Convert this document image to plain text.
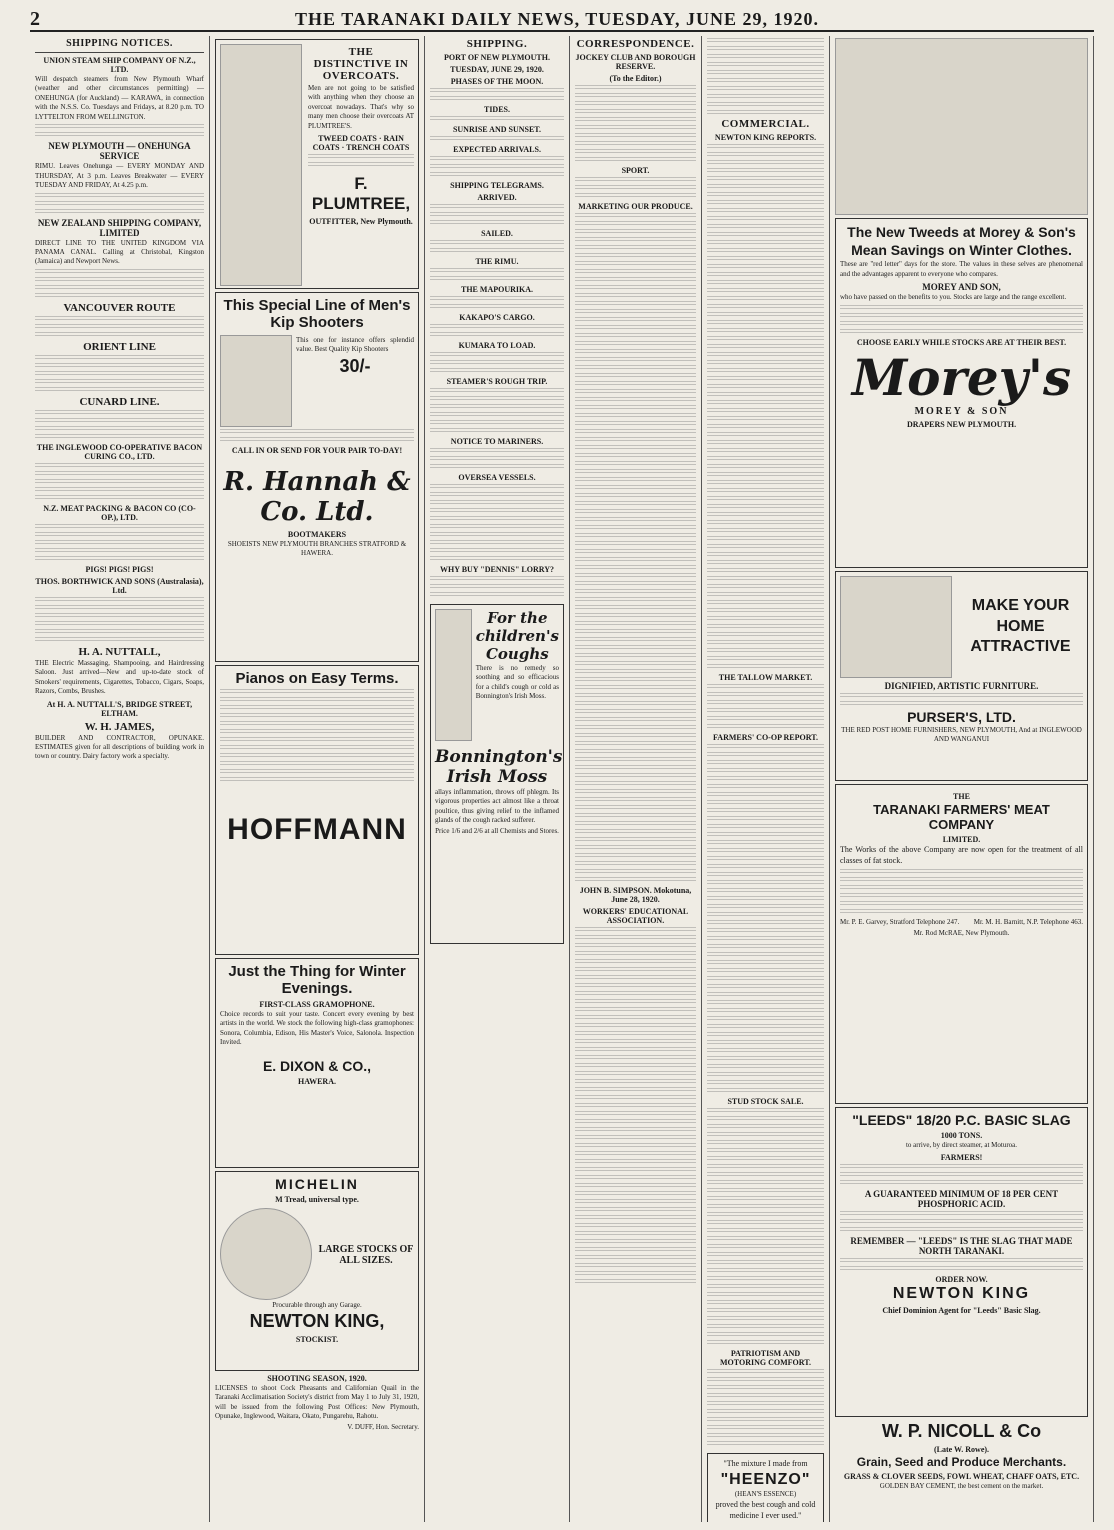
2	THE TARANAKI DAILY NEWS, TUESDAY, JUNE 29, 1920.
SHIPPING NOTICES.
UNION STEAM SHIP COMPANY OF N.Z., LTD.
Will despatch steamers from New Plymouth Wharf (weather and other circumstances permitting) — ONEHUNGA (for Auckland) — KARAWA, in connection with the N.S.S. Co. Tuesdays and Fridays, at 8.20 p.m. TO LYTTELTON FROM WELLINGTON.
NEW PLYMOUTH — ONEHUNGA SERVICE
RIMU. Leaves Onehunga — EVERY MONDAY AND THURSDAY, At 3 p.m. Leaves Breakwater — EVERY TUESDAY AND FRIDAY, At 4.25 p.m.
NEW ZEALAND SHIPPING COMPANY, LIMITED
DIRECT LINE TO THE UNITED KINGDOM VIA PANAMA CANAL. Calling at Christobal, Kingston (Jamaica) and Newport News.
VANCOUVER ROUTE
ORIENT LINE
CUNARD LINE.
THE INGLEWOOD CO-OPERATIVE BACON CURING CO., LTD.
N.Z. MEAT PACKING & BACON CO (CO-OP.), LTD.
PIGS! PIGS! PIGS!
THOS. BORTHWICK AND SONS (Australasia), Ltd.
H. A. NUTTALL,
THE Electric Massaging, Shampooing, and Hairdressing Saloon. Just arrived—New and up-to-date stock of Smokers' requirements, Cigarettes, Tobacco, Cigars, Soaps, Razors, Combs, Brushes.
At H. A. NUTTALL'S, BRIDGE STREET, ELTHAM.
W. H. JAMES,
BUILDER AND CONTRACTOR, OPUNAKE. ESTIMATES given for all descriptions of building work in town or country. Dairy factory work a specialty.
THE DISTINCTIVE IN OVERCOATS.
Men are not going to be satisfied with anything when they choose an overcoat nowadays. That's why so many men choose their overcoats AT PLUMTREE'S.
TWEED COATS · RAIN COATS · TRENCH COATS
F. PLUMTREE,
OUTFITTER, New Plymouth.
This Special Line of Men's Kip Shooters
This one for instance offers splendid value. Best Quality Kip Shooters
30/-
CALL IN OR SEND FOR YOUR PAIR TO-DAY!
R. Hannah & Co. Ltd.
BOOTMAKERS
SHOEISTS NEW PLYMOUTH BRANCHES STRATFORD & HAWERA.
Pianos on Easy Terms.
HOFFMANN
Just the Thing for Winter Evenings.
FIRST-CLASS GRAMOPHONE.
Choice records to suit your taste. Concert every evening by best artists in the world. We stock the following high-class gramophones: Sonora, Columbia, Edison, His Master's Voice, Salonola. Inspection Invited.
E. DIXON & CO.,
HAWERA.
MICHELIN
M Tread, universal type.
LARGE STOCKS OF ALL SIZES.
Procurable through any Garage.
NEWTON KING,
STOCKIST.
SHOOTING SEASON, 1920.
LICENSES to shoot Cock Pheasants and Californian Quail in the Taranaki Acclimatisation Society's district from May 1 to July 31, 1920, will be issued from the following Post Offices: New Plymouth, Opunake, Inglewood, Waitara, Okato, Pungarehu, Rahotu.
V. DUFF, Hon. Secretary.
SHIPPING.
PORT OF NEW PLYMOUTH.
TUESDAY, JUNE 29, 1920.
PHASES OF THE MOON.
TIDES.
SUNRISE AND SUNSET.
EXPECTED ARRIVALS.
SHIPPING TELEGRAMS.
ARRIVED.
SAILED.
THE RIMU.
THE MAPOURIKA.
KAKAPO'S CARGO.
KUMARA TO LOAD.
STEAMER'S ROUGH TRIP.
NOTICE TO MARINERS.
OVERSEA VESSELS.
WHY BUY "DENNIS" LORRY?
For the children's Coughs
There is no remedy so soothing and so efficacious for a child's cough or cold as Bonnington's Irish Moss.
Bonnington's Irish Moss
allays inflammation, throws off phlegm. Its vigorous properties act almost like a throat poultice, thus giving relief to the inflamed glands of the cough racked sufferer.
Price 1/6 and 2/6 at all Chemists and Stores.
CORRESPONDENCE.
JOCKEY CLUB AND BOROUGH RESERVE.
(To the Editor.)
SPORT.
MARKETING OUR PRODUCE.
JOHN B. SIMPSON. Mokotuna, June 28, 1920.
WORKERS' EDUCATIONAL ASSOCIATION.
COMMERCIAL.
NEWTON KING REPORTS.
THE TALLOW MARKET.
FARMERS' CO-OP REPORT.
STUD STOCK SALE.
PATRIOTISM AND MOTORING COMFORT.
"The mixture I made from
"HEENZO"
(HEAN'S ESSENCE)
proved the best cough and cold medicine I ever used."
The New Tweeds at Morey & Son's Mean Savings on Winter Clothes.
These are "red letter" days for the store. The values in these selves are phenomenal and the advantages apparent to everyone who compares.
MOREY AND SON,
who have passed on the benefits to you. Stocks are large and the range excellent.
CHOOSE EARLY WHILE STOCKS ARE AT THEIR BEST.
Morey's
MOREY & SON
DRAPERS NEW PLYMOUTH.
MAKE YOUR HOME ATTRACTIVE
DIGNIFIED, ARTISTIC FURNITURE.
PURSER'S, LTD.
THE RED POST HOME FURNISHERS, NEW PLYMOUTH, And at INGLEWOOD AND WANGANUI
THE
TARANAKI FARMERS' MEAT COMPANY
LIMITED.
The Works of the above Company are now open for the treatment of all classes of fat stock.
Mr. P. E. Garvey, Stratford Telephone 247. Mr. M. H. Barnitt, N.P. Telephone 463.
Mr. Rod McRAE, New Plymouth.
"LEEDS" 18/20 P.C. BASIC SLAG
1000 TONS.
to arrive, by direct steamer, at Moturoa.
FARMERS!
A GUARANTEED MINIMUM OF 18 PER CENT PHOSPHORIC ACID.
REMEMBER — "LEEDS" IS THE SLAG THAT MADE NORTH TARANAKI.
ORDER NOW.
NEWTON KING
Chief Dominion Agent for "Leeds" Basic Slag.
W. P. NICOLL & Co
(Late W. Rowe).
Grain, Seed and Produce Merchants.
GRASS & CLOVER SEEDS, FOWL WHEAT, CHAFF OATS, ETC.
GOLDEN BAY CEMENT, the best cement on the market.
